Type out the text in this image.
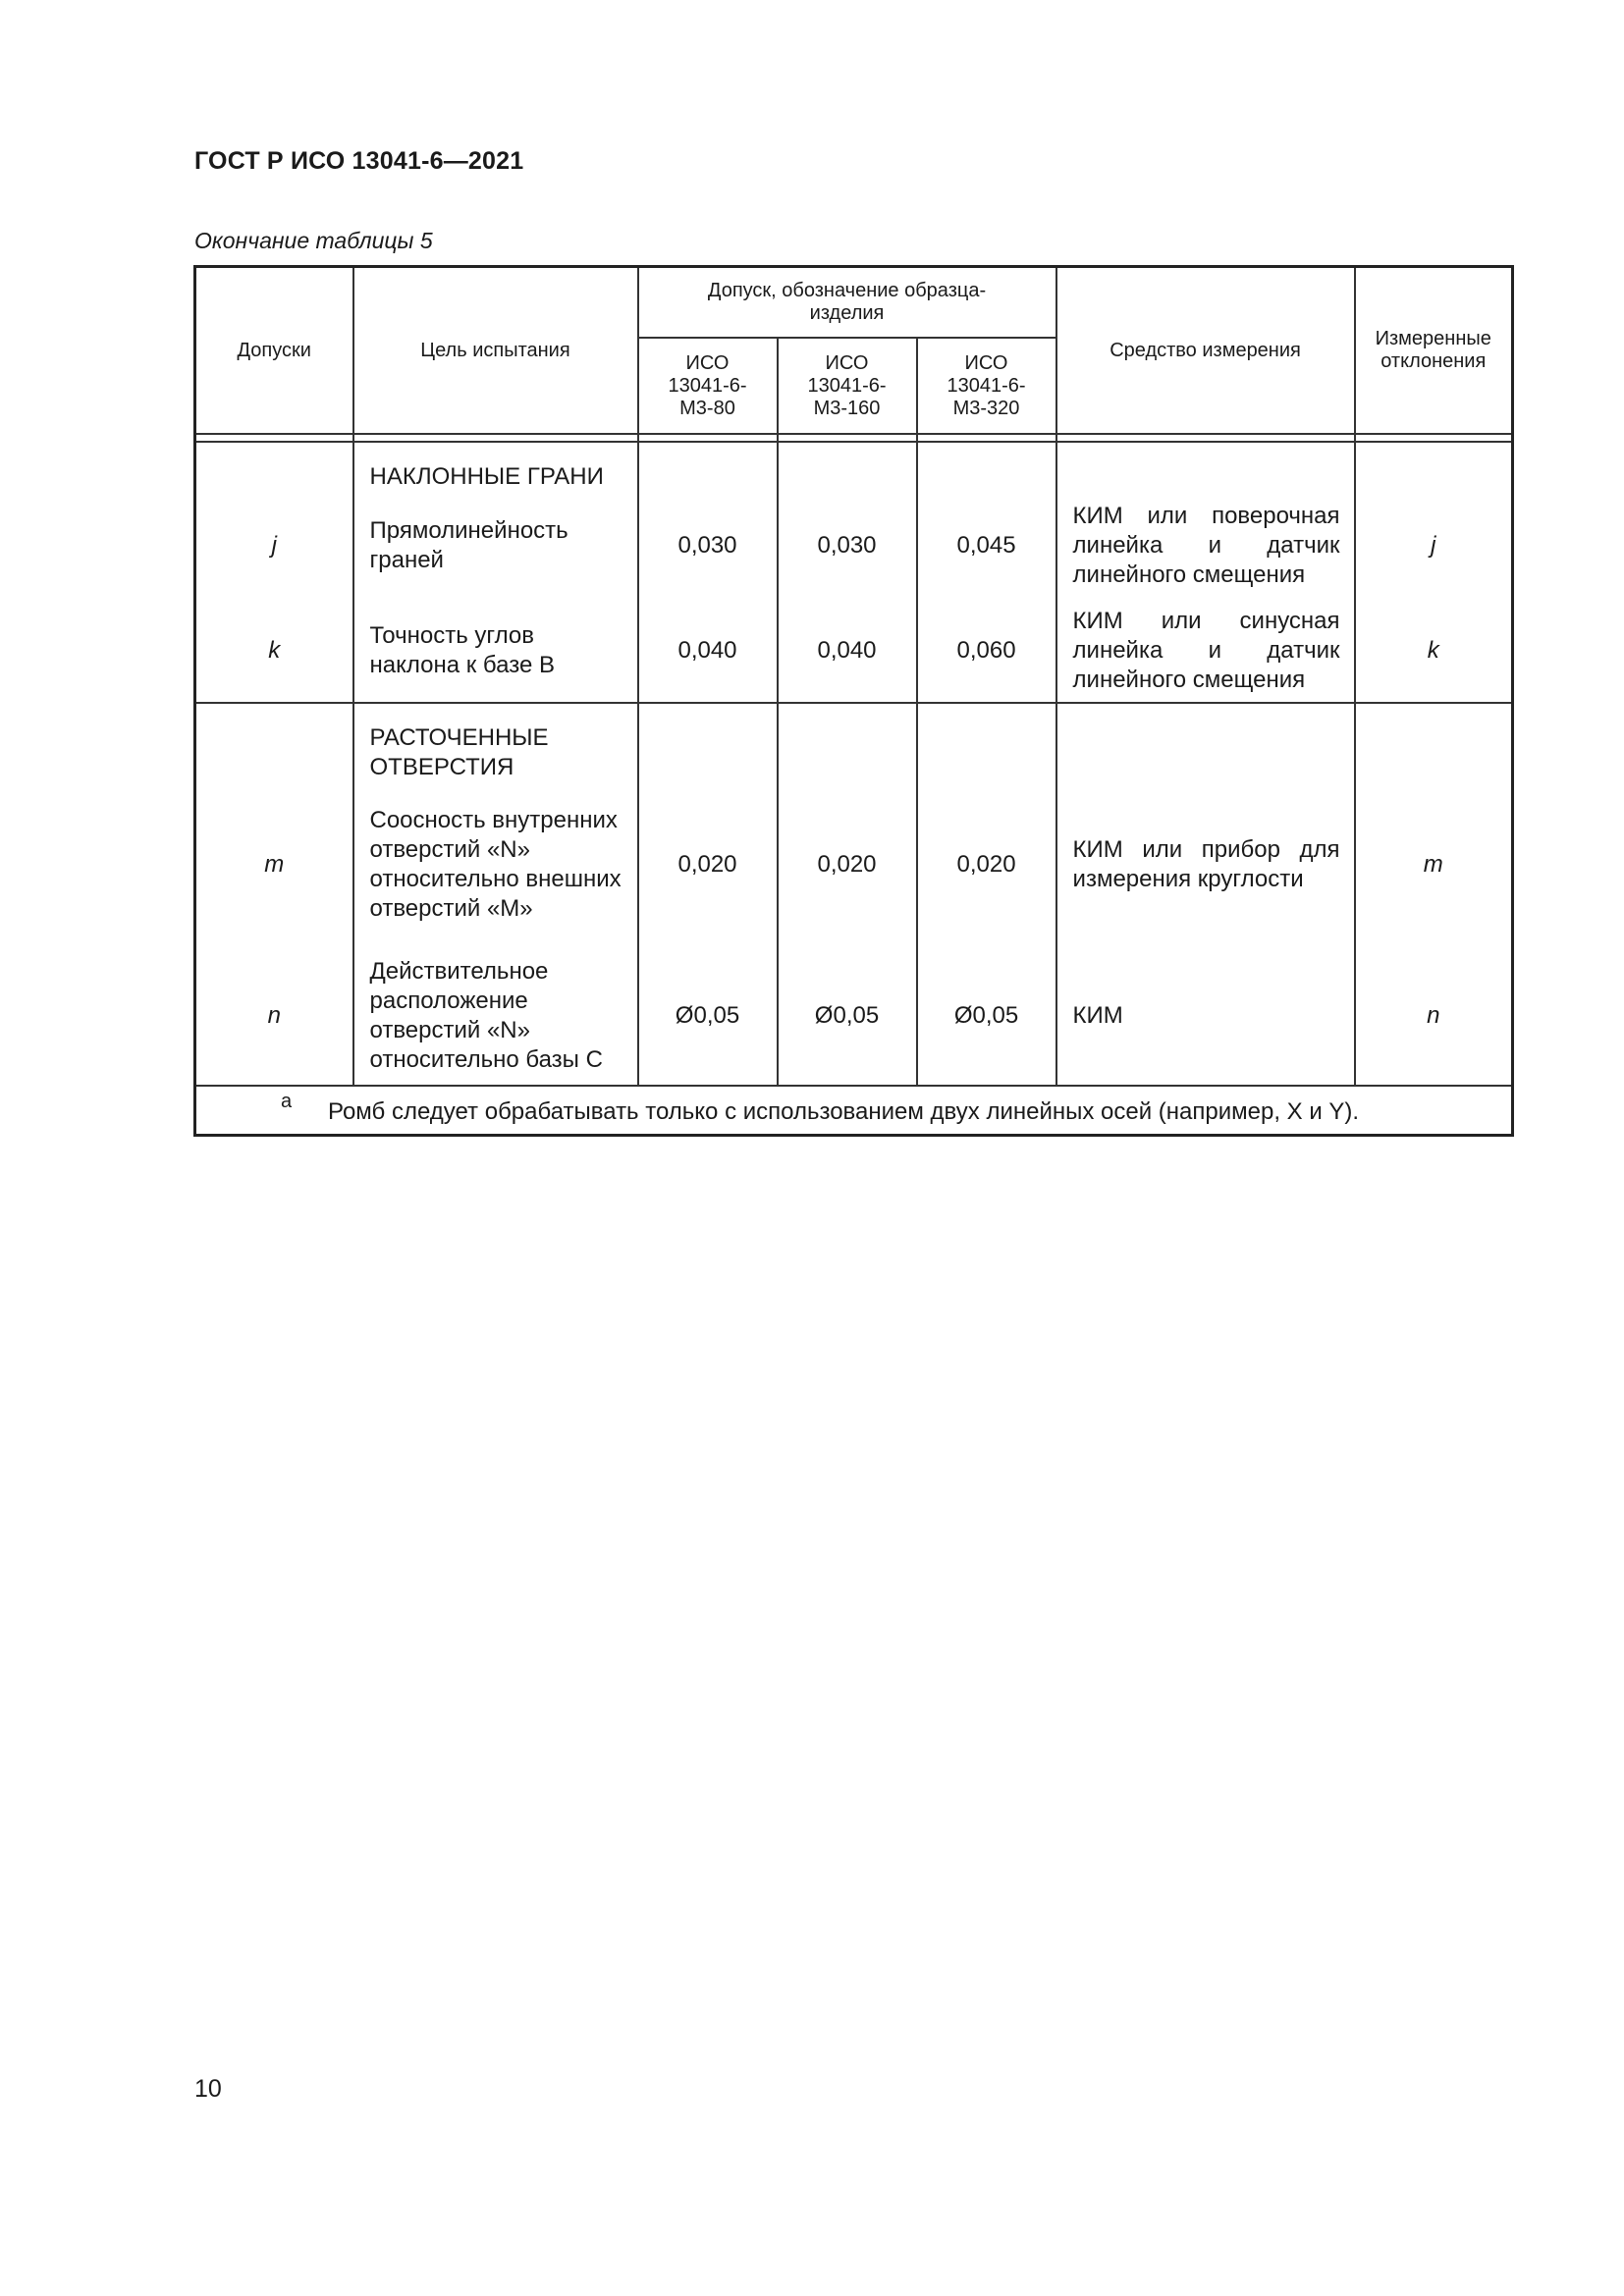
ГОСТ Р ИСО 13041-6—2021
Окончание таблицы 5
Допуски	Цель испытания	Допуск, обозначение образца-изделия			Средство измерения	Измеренные отклонения
		ИСО 13041-6-М3-80	ИСО 13041-6-М3-160	ИСО 13041-6-М3-320		

	НАКЛОННЫЕ ГРАНИ					
j	Прямолинейность граней	0,030	0,030	0,045	КИМ или поверочная линейка и датчик линейного смещения	j
k	Точность углов наклона к базе В	0,040	0,040	0,060	КИМ или синусная линейка и датчик линейного смещения	k
	РАСТОЧЕННЫЕ ОТВЕРСТИЯ					
m	Соосность внутренних отверстий «N» относительно внешних отверстий «M»	0,020	0,020	0,020	КИМ или прибор для измерения круглости	m
n	Действительное расположение отверстий «N» относительно базы С	Ø0,05	Ø0,05	Ø0,05	КИМ	n

a Ромб следует обрабатывать только с использованием двух линейных осей (например, X и Y).						
10
